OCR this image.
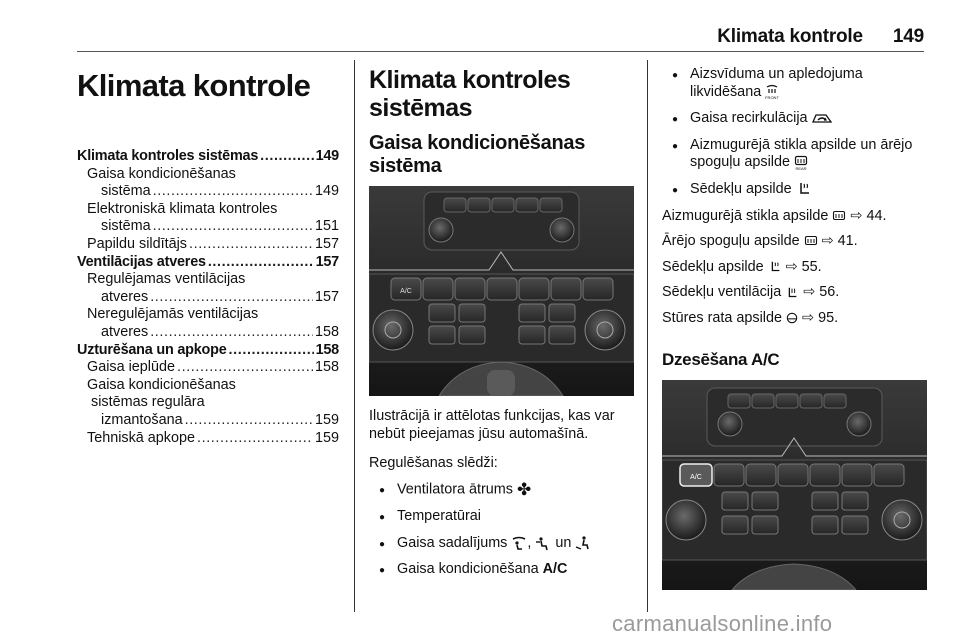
Klimata kontrole 149
Klimata kontrole
Klimata kontroles sistēmas .....	149
Gaisa kondicionēšanas
sistēma .....	149
Elektroniskā klimata kontroles
sistēma .....	151
Papildu sildītājs .....	157
Ventilācijas atveres .....	157
Regulējamas ventilācijas
atveres .....	157
Neregulējamās ventilācijas
atveres .....	158
Uzturēšana un apkope .....	158
Gaisa ieplūde .....	158
Gaisa kondicionēšanas
sistēmas regulāra
izmantošana .....	159
Tehniskā apkope .....	159
Klimata kontroles sistēmas
Gaisa kondicionēšanas sistēma
A/C

Ilustrācijā ir attēlotas funkcijas, kas var nebūt pieejamas jūsu automašīnā.

Regulēšanas slēdži:

● Ventilatora ātrums ✤
● Temperatūrai
● Gaisa sadalījums , un
● Gaisa kondicionēšana A/C
● Aizsvīduma un apledojuma likvidēšana FRONT
● Gaisa recirkulācija
● Aizmugurējā stikla apsilde un ārējo spoguļu apsilde REAR
● Sēdekļu apsilde
Aizmugurējā stikla apsilde ⇨ 44.
Ārējo spoguļu apsilde ⇨ 41.
Sēdekļu apsilde ⇨ 55.
Sēdekļu ventilācija ⇨ 56.
Stūres rata apsilde ⇨ 95.
Dzesēšana A/C
A/C
carmanualsonline.info
